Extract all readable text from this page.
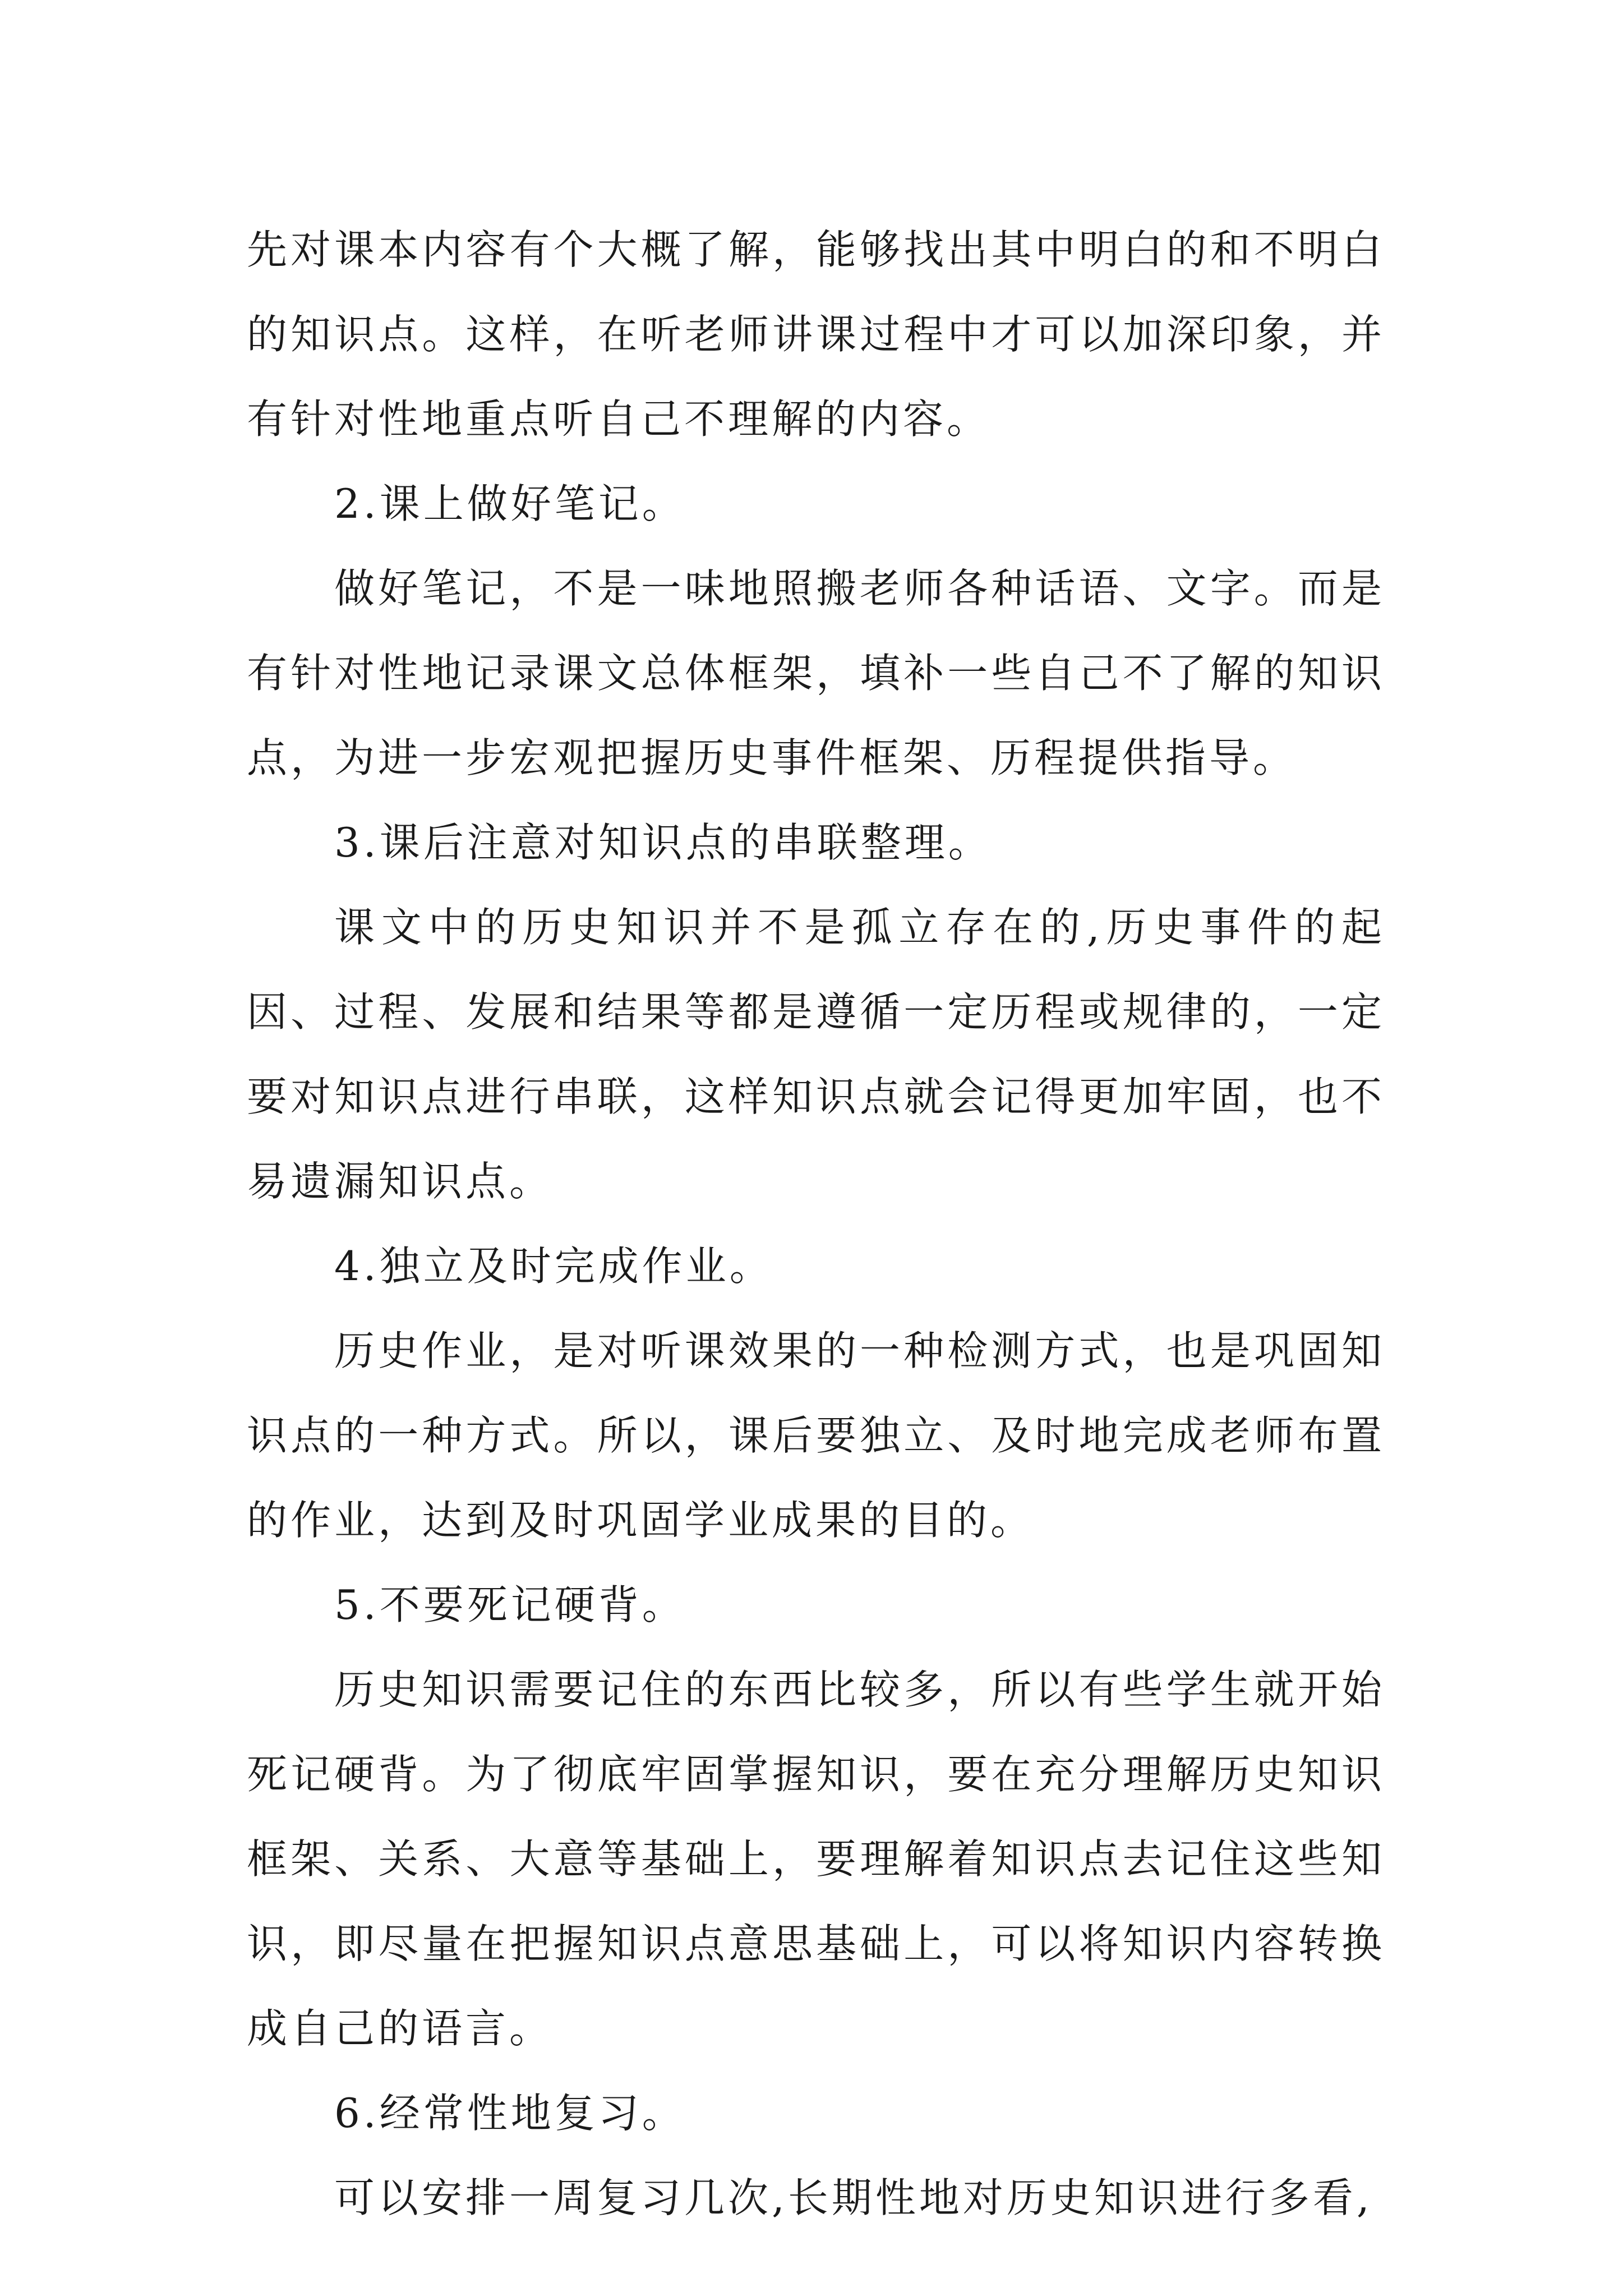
先对课本内容有个大概了解，能够找出其中明白的和不明白的知识点。这样，在听老师讲课过程中才可以加深印象，并有针对性地重点听自己不理解的内容。

2.课上做好笔记。

做好笔记，不是一味地照搬老师各种话语、文字。而是有针对性地记录课文总体框架，填补一些自己不了解的知识点，为进一步宏观把握历史事件框架、历程提供指导。

3.课后注意对知识点的串联整理。

课文中的历史知识并不是孤立存在的,历史事件的起因、过程、发展和结果等都是遵循一定历程或规律的，一定要对知识点进行串联，这样知识点就会记得更加牢固，也不易遗漏知识点。

4.独立及时完成作业。

历史作业，是对听课效果的一种检测方式，也是巩固知识点的一种方式。所以，课后要独立、及时地完成老师布置的作业，达到及时巩固学业成果的目的。

5.不要死记硬背。

历史知识需要记住的东西比较多，所以有些学生就开始死记硬背。为了彻底牢固掌握知识，要在充分理解历史知识框架、关系、大意等基础上，要理解着知识点去记住这些知识，即尽量在把握知识点意思基础上，可以将知识内容转换成自己的语言。

6.经常性地复习。

可以安排一周复习几次,长期性地对历史知识进行多看,
